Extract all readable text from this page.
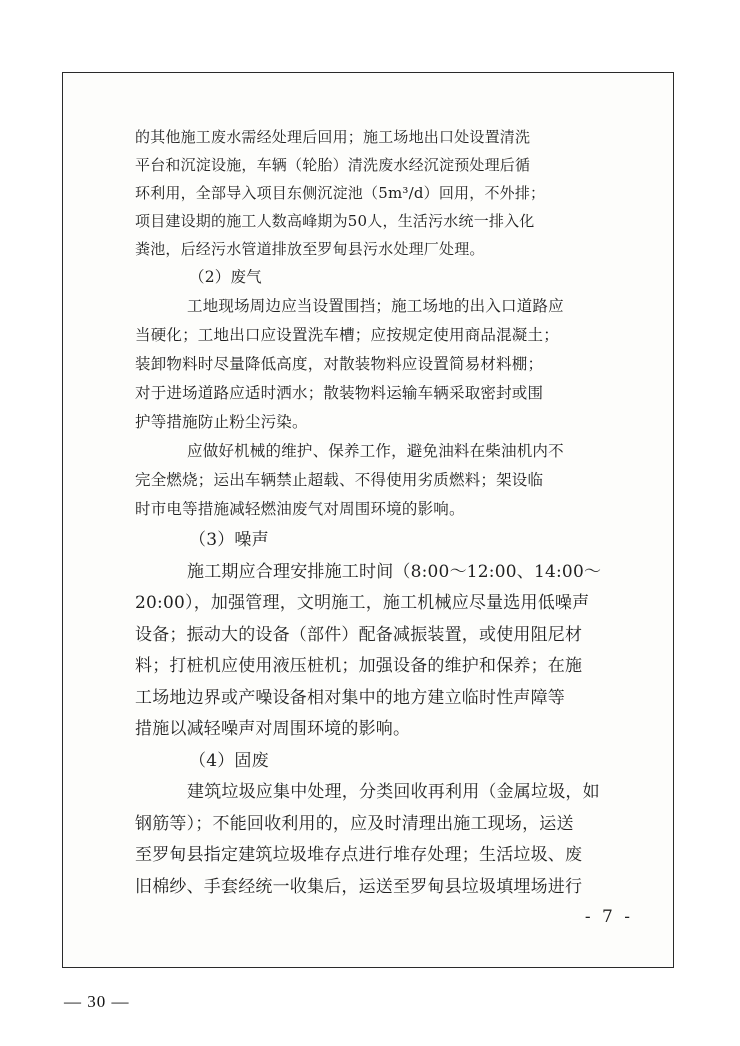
的其他施工废水需经处理后回用；施工场地出口处设置清洗
平台和沉淀设施，车辆（轮胎）清洗废水经沉淀预处理后循
环利用，全部导入项目东侧沉淀池（5m³/d）回用，不外排；
项目建设期的施工人数高峰期为50人，生活污水统一排入化
粪池，后经污水管道排放至罗甸县污水处理厂处理。
（2）废气
工地现场周边应当设置围挡；施工场地的出入口道路应
当硬化；工地出口应设置洗车槽；应按规定使用商品混凝土；
装卸物料时尽量降低高度，对散装物料应设置简易材料棚；
对于进场道路应适时洒水；散装物料运输车辆采取密封或围
护等措施防止粉尘污染。
应做好机械的维护、保养工作，避免油料在柴油机内不
完全燃烧；运出车辆禁止超载、不得使用劣质燃料；架设临
时市电等措施减轻燃油废气对周围环境的影响。
（3）噪声
施工期应合理安排施工时间（8:00～12:00、14:00～
20:00），加强管理，文明施工，施工机械应尽量选用低噪声
设备；振动大的设备（部件）配备减振装置，或使用阻尼材
料；打桩机应使用液压桩机；加强设备的维护和保养；在施
工场地边界或产噪设备相对集中的地方建立临时性声障等
措施以减轻噪声对周围环境的影响。
（4）固废
建筑垃圾应集中处理，分类回收再利用（金属垃圾，如
钢筋等）；不能回收利用的，应及时清理出施工现场，运送
至罗甸县指定建筑垃圾堆存点进行堆存处理；生活垃圾、废
旧棉纱、手套经统一收集后，运送至罗甸县垃圾填埋场进行
- 7 -
— 30 —
